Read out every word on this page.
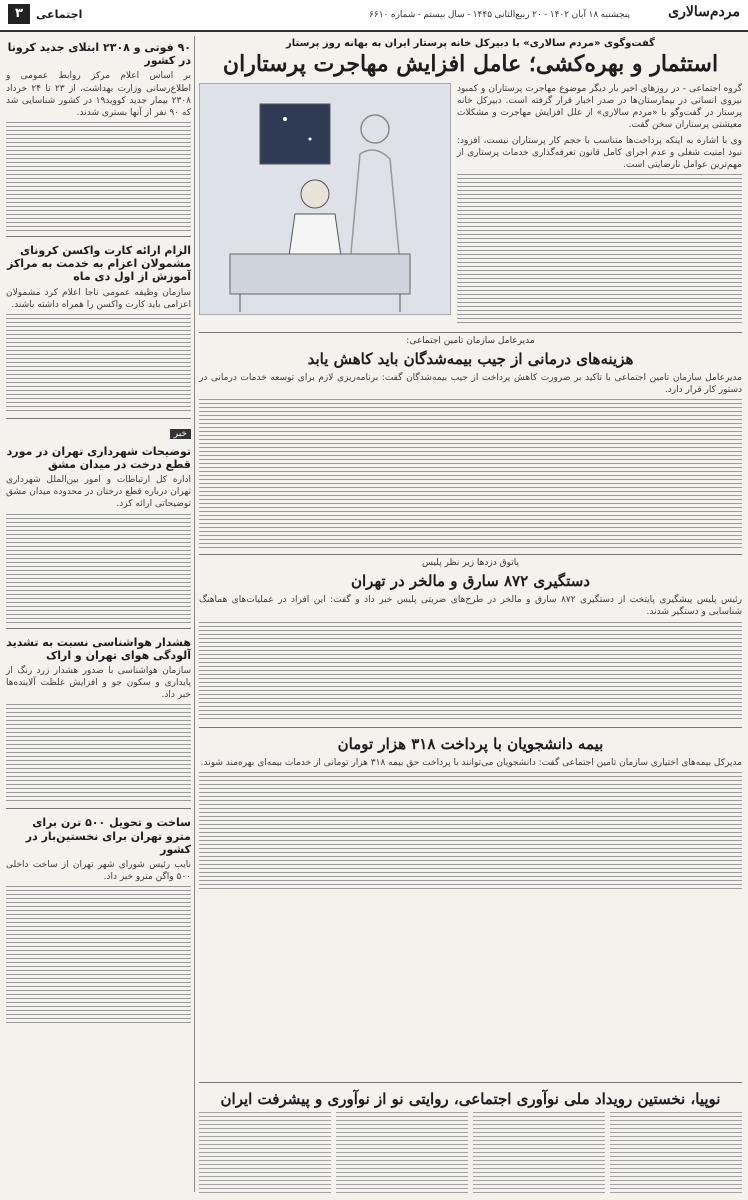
مردم‌سالاری
پنجشنبه ۱۸ آبان ۱۴۰۲ - ۲۰ ربیع‌الثانی ۱۴۴۵ - سال بیستم - شماره ۶۶۱۰
اجتماعی
۳
گفت‌وگوی «مردم سالاری» با دبیرکل خانه پرستار ایران به بهانه روز پرستار
استثمار و بهره‌کشی؛ عامل افزایش مهاجرت پرستاران

گروه اجتماعی - در روزهای اخیر بار دیگر موضوع مهاجرت پرستاران و کمبود نیروی انسانی در بیمارستان‌ها در صدر اخبار قرار گرفته است. دبیرکل خانه پرستار در گفت‌وگو با «مردم سالاری» از علل افزایش مهاجرت و مشکلات معیشتی پرستاران سخن گفت.

وی با اشاره به اینکه پرداخت‌ها متناسب با حجم کار پرستاران نیست، افزود: نبود امنیت شغلی و عدم اجرای کامل قانون تعرفه‌گذاری خدمات پرستاری از مهم‌ترین عوامل نارضایتی است.

مدیرعامل سازمان تامین اجتماعی:
هزینه‌های درمانی از جیب بیمه‌شدگان باید کاهش یابد

مدیرعامل سازمان تامین اجتماعی با تاکید بر ضرورت کاهش پرداخت از جیب بیمه‌شدگان گفت: برنامه‌ریزی لازم برای توسعه خدمات درمانی در دستور کار قرار دارد.

پاتوق دزدها زیر نظر پلیس
دستگیری ۸۷۲ سارق و مالخر در تهران

رئیس پلیس پیشگیری پایتخت از دستگیری ۸۷۲ سارق و مالخر در طرح‌های ضربتی پلیس خبر داد و گفت: این افراد در عملیات‌های هماهنگ شناسایی و دستگیر شدند.

بیمه دانشجویان با پرداخت ۳۱۸ هزار تومان

مدیرکل بیمه‌های اختیاری سازمان تامین اجتماعی گفت: دانشجویان می‌توانند با پرداخت حق بیمه ۳۱۸ هزار تومانی از خدمات بیمه‌ای بهره‌مند شوند.

نوپیا، نخستین رویداد ملی نوآوری اجتماعی، روایتی نو از نوآوری و پیشرفت ایران
۹۰ فوتی و ۲۳۰۸ ابتلای جدید کرونا در کشور

بر اساس اعلام مرکز روابط عمومی و اطلاع‌رسانی وزارت بهداشت، از ۲۳ تا ۲۴ خرداد ۲۳۰۸ بیمار جدید کووید۱۹ در کشور شناسایی شد که ۹۰ نفر از آنها بستری شدند.

الزام ارائه کارت واکسن کرونای مشمولان اعزام به خدمت به مراکز آموزش از اول دی ماه

سازمان وظیفه عمومی ناجا اعلام کرد مشمولان اعزامی باید کارت واکسن را همراه داشته باشند.

خبر
توضیحات شهرداری تهران در مورد قطع درخت در میدان مشق

اداره کل ارتباطات و امور بین‌الملل شهرداری تهران درباره قطع درختان در محدوده میدان مشق توضیحاتی ارائه کرد.

هشدار هواشناسی نسبت به تشدید آلودگی هوای تهران و اراک

سازمان هواشناسی با صدور هشدار زرد رنگ از پایداری و سکون جو و افزایش غلظت آلاینده‌ها خبر داد.

ساخت و تحویل ۵۰۰ ترن برای مترو تهران برای نخستین‌بار در کشور

نایب رئیس شورای شهر تهران از ساخت داخلی ۵۰۰ واگن مترو خبر داد.
